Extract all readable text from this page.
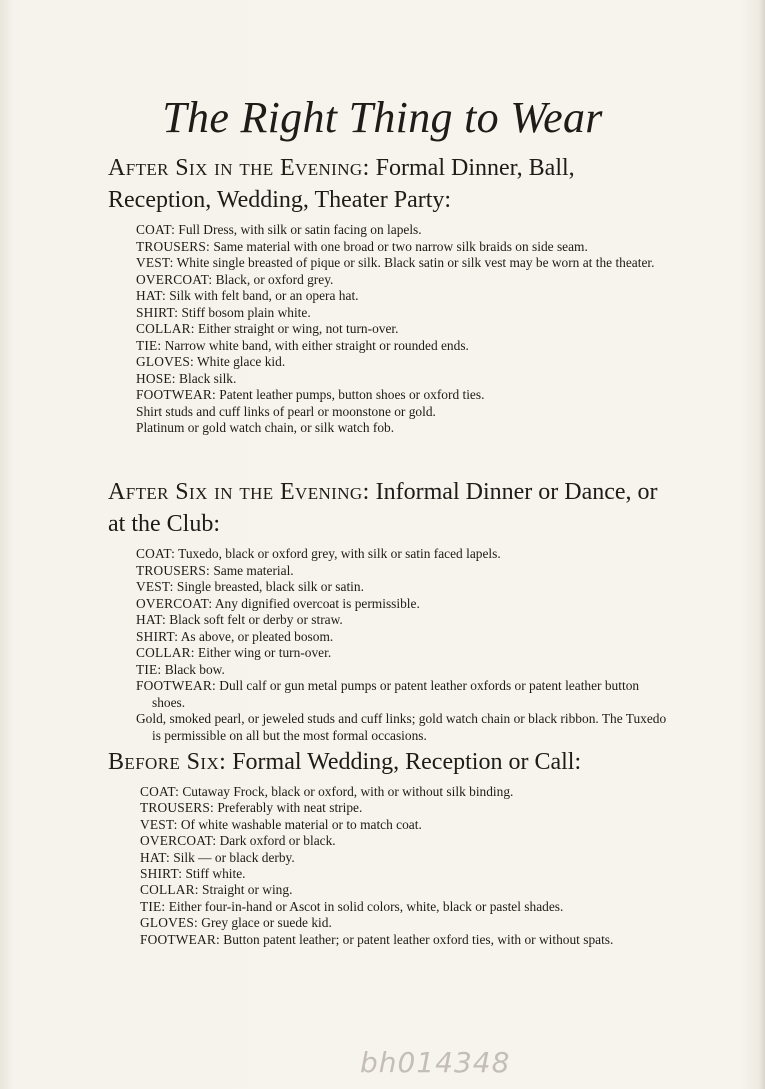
The Right Thing to Wear

After Six in the Evening: Formal Dinner, Ball, Reception, Wedding, Theater Party:

COAT: Full Dress, with silk or satin facing on lapels.
TROUSERS: Same material with one broad or two narrow silk braids on side seam.
VEST: White single breasted of pique or silk. Black satin or silk vest may be worn at the theater.
OVERCOAT: Black, or oxford grey.
HAT: Silk with felt band, or an opera hat.
SHIRT: Stiff bosom plain white.
COLLAR: Either straight or wing, not turn-over.
TIE: Narrow white band, with either straight or rounded ends.
GLOVES: White glace kid.
HOSE: Black silk.
FOOTWEAR: Patent leather pumps, button shoes or oxford ties.
Shirt studs and cuff links of pearl or moonstone or gold.
Platinum or gold watch chain, or silk watch fob.

After Six in the Evening: Informal Dinner or Dance, or at the Club:

COAT: Tuxedo, black or oxford grey, with silk or satin faced lapels.
TROUSERS: Same material.
VEST: Single breasted, black silk or satin.
OVERCOAT: Any dignified overcoat is permissible.
HAT: Black soft felt or derby or straw.
SHIRT: As above, or pleated bosom.
COLLAR: Either wing or turn-over.
TIE: Black bow.
FOOTWEAR: Dull calf or gun metal pumps or patent leather oxfords or patent leather button shoes.
Gold, smoked pearl, or jeweled studs and cuff links; gold watch chain or black ribbon. The Tuxedo is permissible on all but the most formal occasions.

Before Six: Formal Wedding, Reception or Call:

COAT: Cutaway Frock, black or oxford, with or without silk binding.
TROUSERS: Preferably with neat stripe.
VEST: Of white washable material or to match coat.
OVERCOAT: Dark oxford or black.
HAT: Silk — or black derby.
SHIRT: Stiff white.
COLLAR: Straight or wing.
TIE: Either four-in-hand or Ascot in solid colors, white, black or pastel shades.
GLOVES: Grey glace or suede kid.
FOOTWEAR: Button patent leather; or patent leather oxford ties, with or without spats.
bh014348
